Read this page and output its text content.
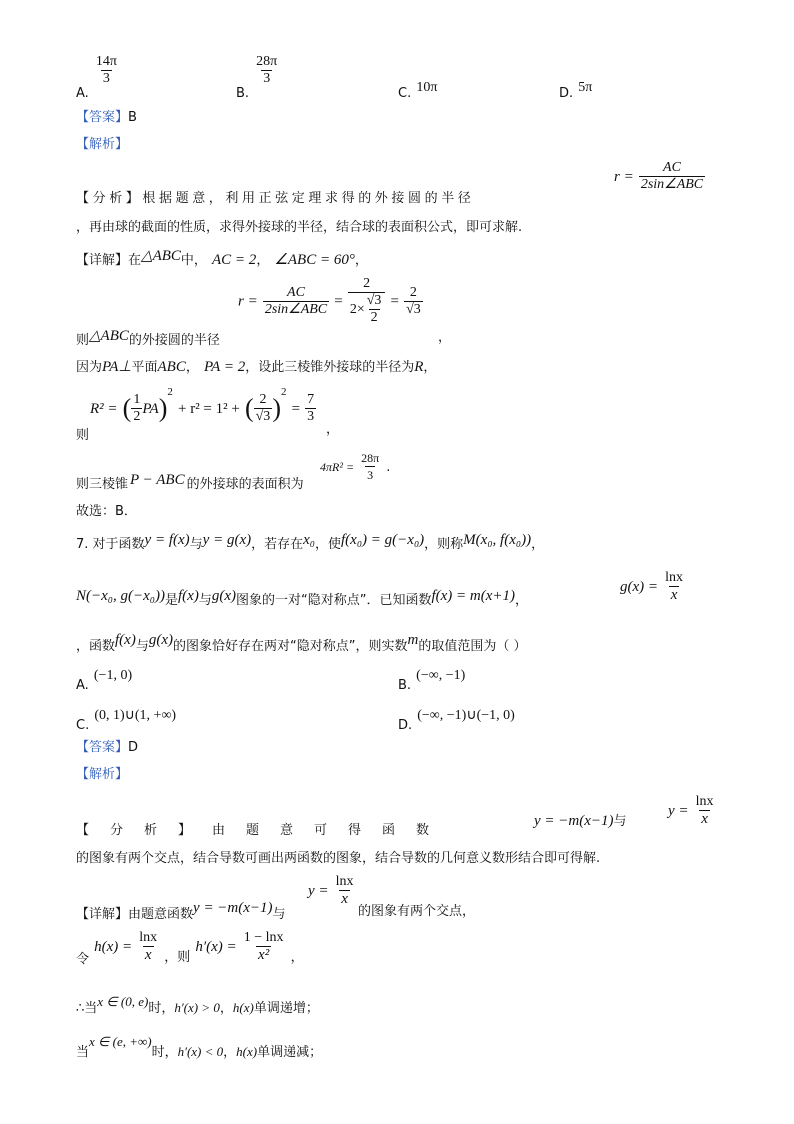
$_{A.}$
$\frac{14\pi}{3}$
$_{B.}$
$\frac{28\pi}{3}$
$_{C.}$ 10π	$_{D.}$ 5π
【答案】B
【解析】
【分析】根据题意，利用正弦定理求得的外接圆的半径
$r = \frac{AC}{\text{2sin∠ABC}}$
，再由球的截面的性质，求得外接球的半径，结合球的表面积公式，即可求解.
【详解】在△ABC中， AC = 2， ∠ABC = 60°，
$r = \frac{AC}{\text{2sin∠ABC}} = \frac{2}{2\times \frac{√3}{2}} = \frac{2}{√3}$
则△ABC的外接圆的半径	，
因为PA⊥平面ABC， PA = 2，设此三棱锥外接球的半径为R，
R² = ( $\frac{1}{2} PA)^2 + r^2 = 1^2$ + ( $\frac{2}{√3} )^2 = \frac{7}{3}$
则	，
则三棱锥 P − ABC 的外接球的表面积为
$4\pi R^2 = \frac{28\pi}{3}$ .
故选：B．
7. 对于函数y = f(x)与y = g(x)，若存在x₀，使f(x₀) = g(−x₀)，则称M(x₀, f(x₀))，
N(−x₀, g(−x₀))是f(x)与g(x)图象的一对“隐对称点”．已知函数f(x) = m(x+1)，
$g(x) = \frac{\ln x}{x}$
，函数f(x)与g(x)的图象恰好存在两对“隐对称点”，则实数m的取值范围为（ ）
$_{A.}$ (−1, 0)
$_{B.}$ (−∞, −1)
$_{C.}$ (0, 1)∪(1, +∞)
$_{D.}$ (−∞, −1)∪(−1, 0)
【答案】D
【解析】
【分析】由题意可得函数
y = −m(x−1)与
$y = \frac{\ln x}{x}$
的图象有两个交点，结合导数可画出两函数的图象，结合导数的几何意义数形结合即可得解.
【详解】由题意函数y = −m(x−1)与
$y = \frac{\ln x}{x}$
的图象有两个交点，
$_令$ $h(x) = \frac{\ln x}{x} _{,则}$ $h'(x) = \frac{1 - \ln x}{\text{x²}} _,$
∴当$^{x \in (0, e)}$时，h′(x) > 0，h(x)单调递增；
当$^{x \in (e, +\infty)}$时，h′(x) < 0，h(x)单调递减；
